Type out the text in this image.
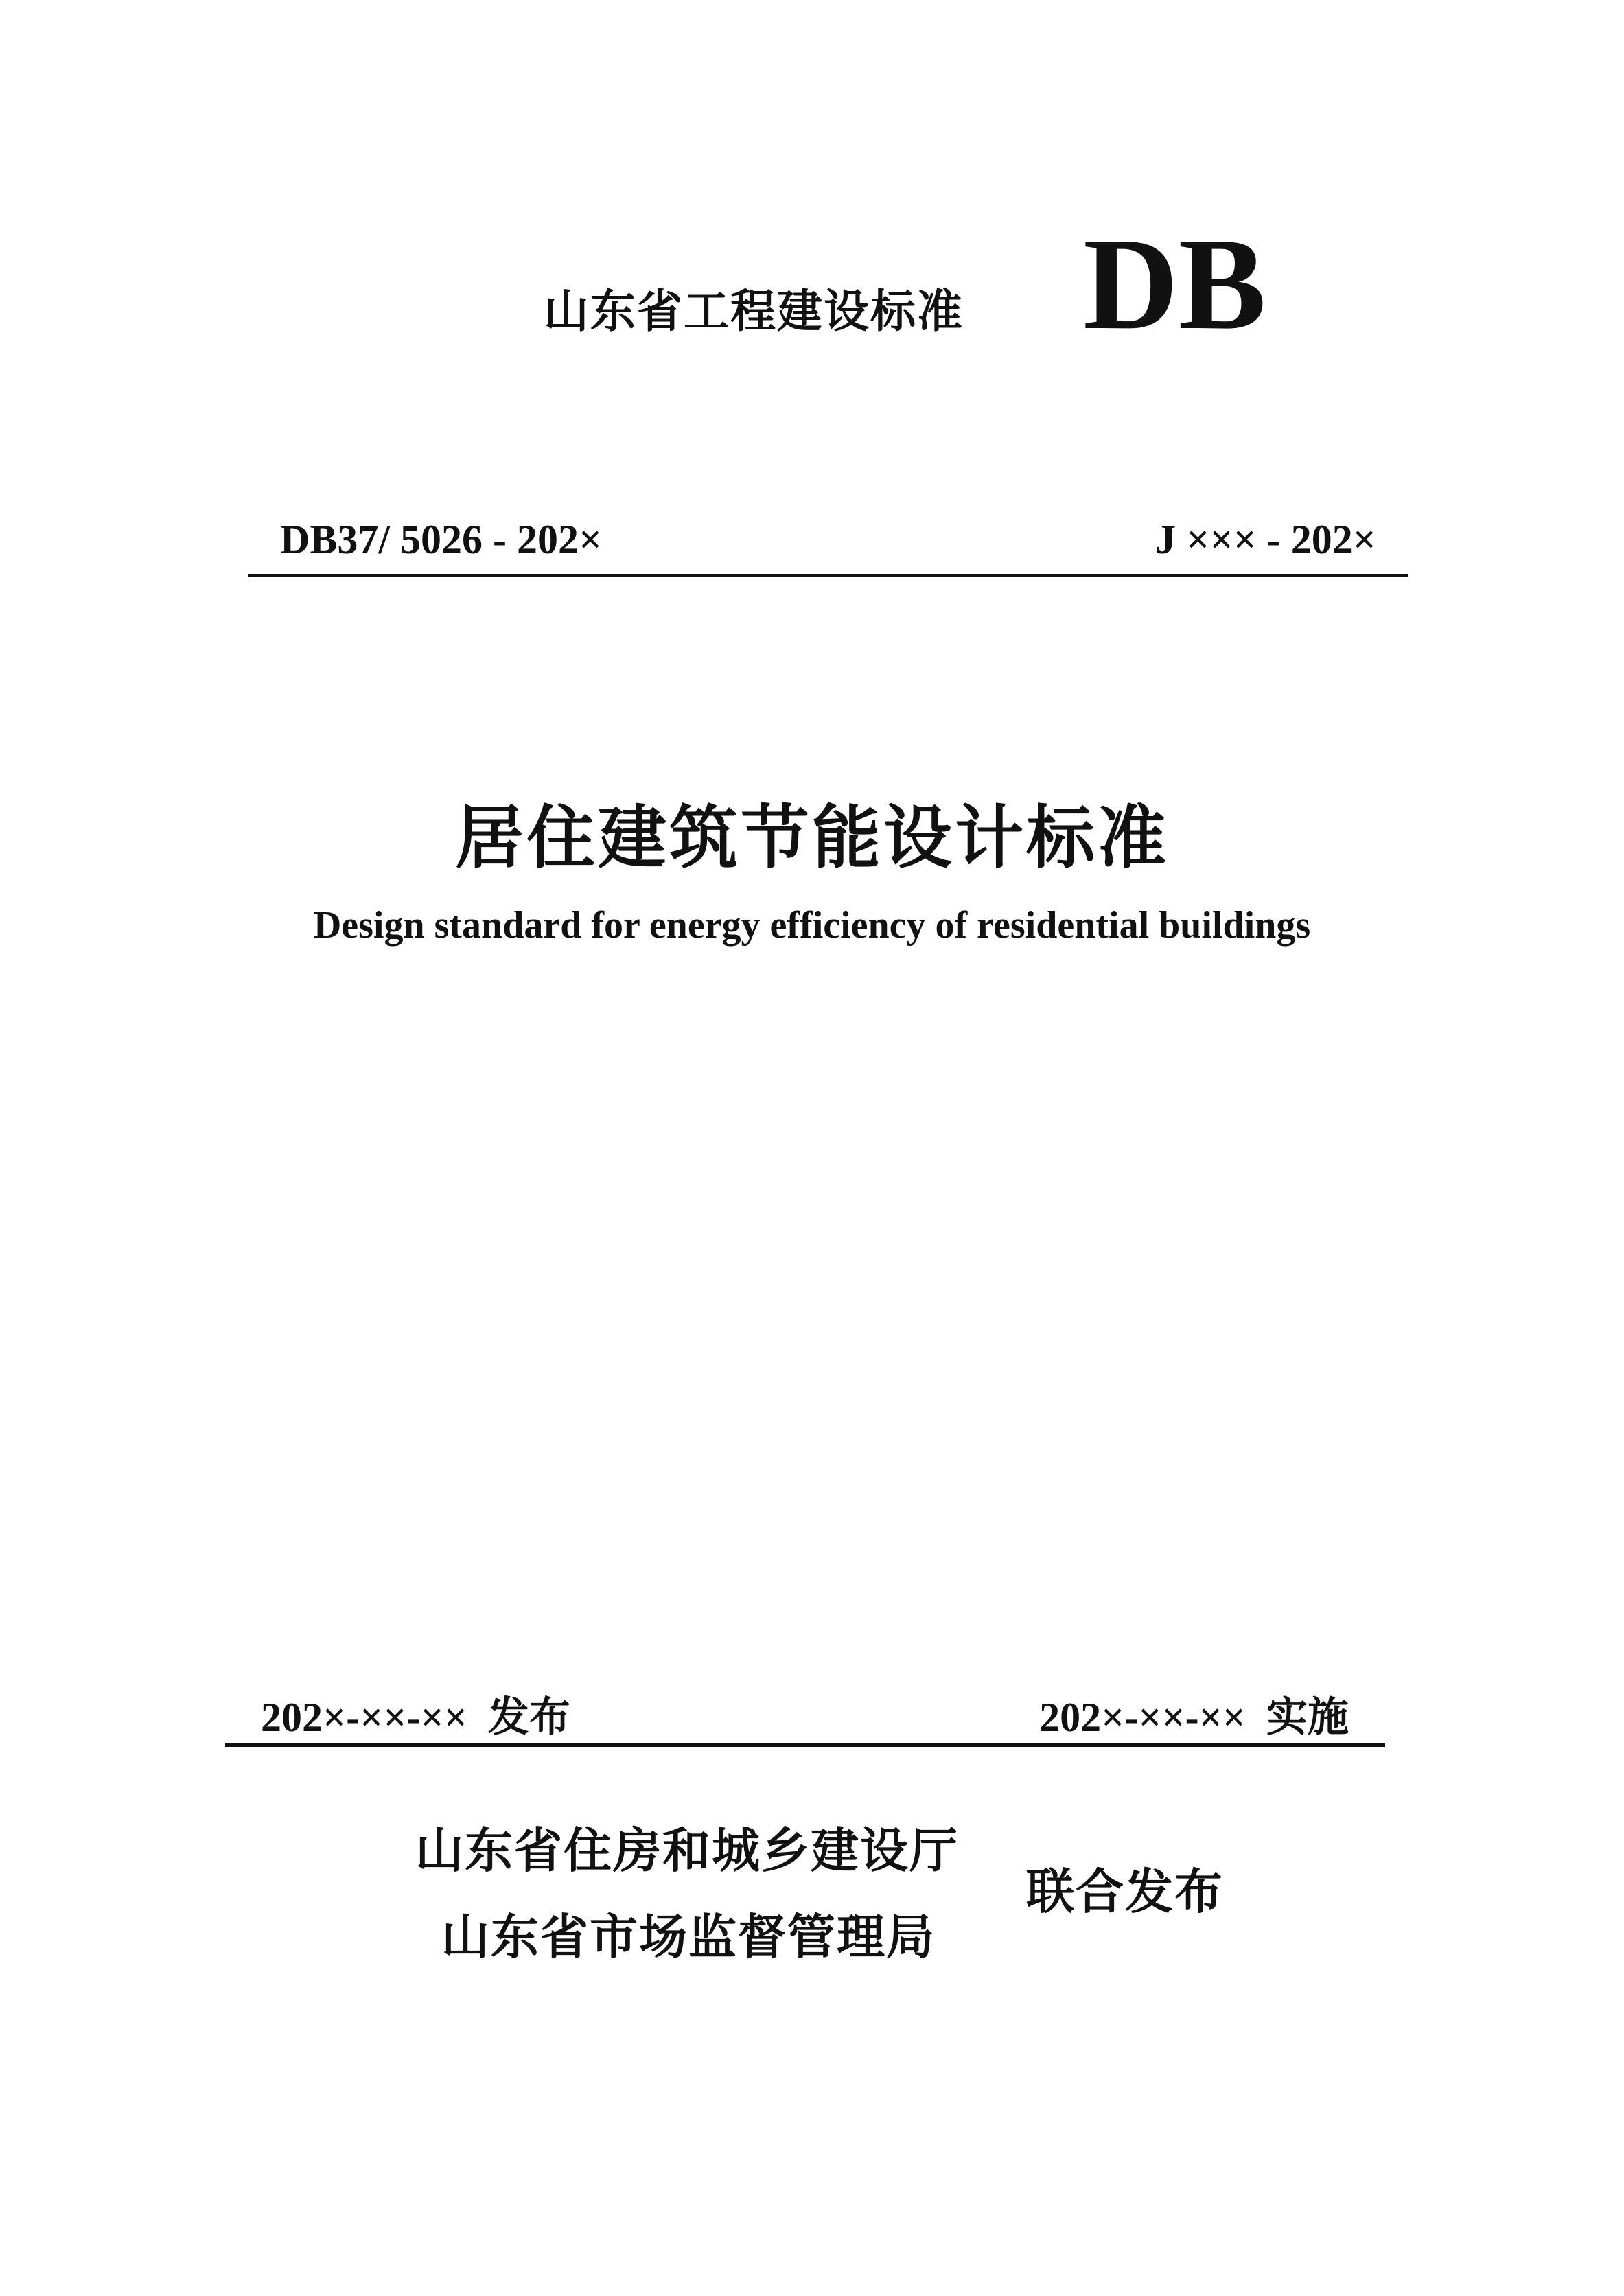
山东省工程建设标准 DB
DB37/ 5026 - 202×	J ××× - 202×
居住建筑节能设计标准
Design standard for energy efficiency of residential buildings
202×-××-×× 发布	202×-××-×× 实施
山东省住房和城乡建设厅
山东省市场监督管理局
联合发布
